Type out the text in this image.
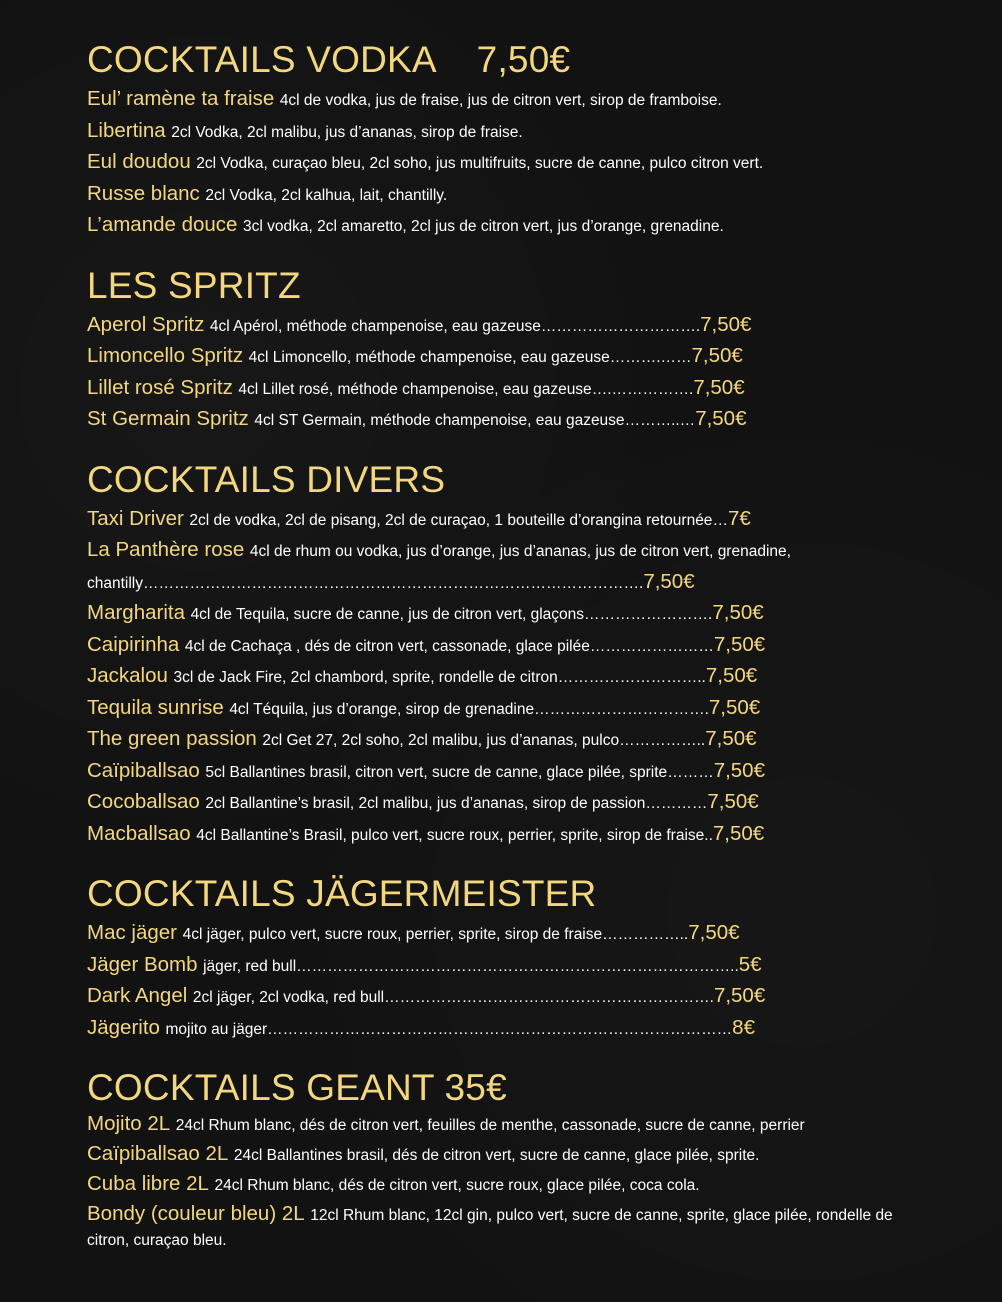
COCKTAILS VODKA    7,50€
Eul’ ramène ta fraise 4cl de vodka, jus de fraise, jus de citron vert, sirop de framboise.
Libertina 2cl Vodka, 2cl malibu, jus d’ananas, sirop de fraise.
Eul doudou 2cl Vodka, curaçao bleu, 2cl soho, jus multifruits, sucre de canne, pulco citron vert.
Russe blanc 2cl Vodka, 2cl kalhua, lait, chantilly.
L’amande douce 3cl vodka, 2cl amaretto, 2cl jus de citron vert, jus d’orange, grenadine.
LES SPRITZ
Aperol Spritz 4cl Apérol, méthode champenoise, eau gazeuse………………………….7,50€
Limoncello Spritz 4cl Limoncello, méthode champenoise, eau gazeuse……….……7,50€
Lillet rosé Spritz 4cl Lillet rosé, méthode champenoise, eau gazeuse….…………….7,50€
St Germain Spritz 4cl ST Germain, méthode champenoise, eau gazeuse………..…7,50€
COCKTAILS DIVERS
Taxi Driver 2cl de vodka, 2cl de pisang, 2cl de curaçao, 1 bouteille d’orangina retournée…7€
La Panthère rose 4cl de rhum ou vodka, jus d’orange, jus d’ananas, jus de citron vert, grenadine, chantilly…………………………………………………………………………………….7,50€
Margharita 4cl de Tequila, sucre de canne, jus de citron vert, glaçons…………………….7,50€
Caipirinha 4cl de Cachaça , dés de citron vert, cassonade, glace pilée……………………7,50€
Jackalou 3cl de Jack Fire, 2cl chambord, sprite, rondelle de citron………………………..7,50€
Tequila sunrise 4cl Téquila, jus d’orange, sirop de grenadine…………………………….7,50€
The green passion 2cl Get 27, 2cl soho, 2cl malibu, jus d’ananas, pulco……………..7,50€
Caïpiballsao 5cl Ballantines brasil, citron vert, sucre de canne, glace pilée, sprite………7,50€
Cocoballsao 2cl Ballantine’s brasil, 2cl malibu, jus d’ananas, sirop de passion…………7,50€
Macballsao 4cl Ballantine’s Brasil, pulco vert, sucre roux, perrier, sprite, sirop de fraise..7,50€
COCKTAILS JÄGERMEISTER
Mac jäger 4cl jäger, pulco vert, sucre roux, perrier, sprite, sirop de fraise……………..7,50€
Jäger Bomb jäger, red bull…………………………………………………………………………..5€
Dark Angel 2cl jäger, 2cl vodka, red bull……………………………………………………….7,50€
Jägerito mojito au jäger………………………………………………………………………………8€
COCKTAILS GEANT 35€
Mojito 2L 24cl Rhum blanc, dés de citron vert, feuilles de menthe, cassonade, sucre de canne, perrier
Caïpiballsao 2L 24cl Ballantines brasil, dés de citron vert, sucre de canne, glace pilée, sprite.
Cuba libre 2L 24cl Rhum blanc, dés de citron vert, sucre roux, glace pilée, coca cola.
Bondy (couleur bleu) 2L 12cl Rhum blanc, 12cl gin, pulco vert, sucre de canne, sprite, glace pilée, rondelle de citron, curaçao bleu.
